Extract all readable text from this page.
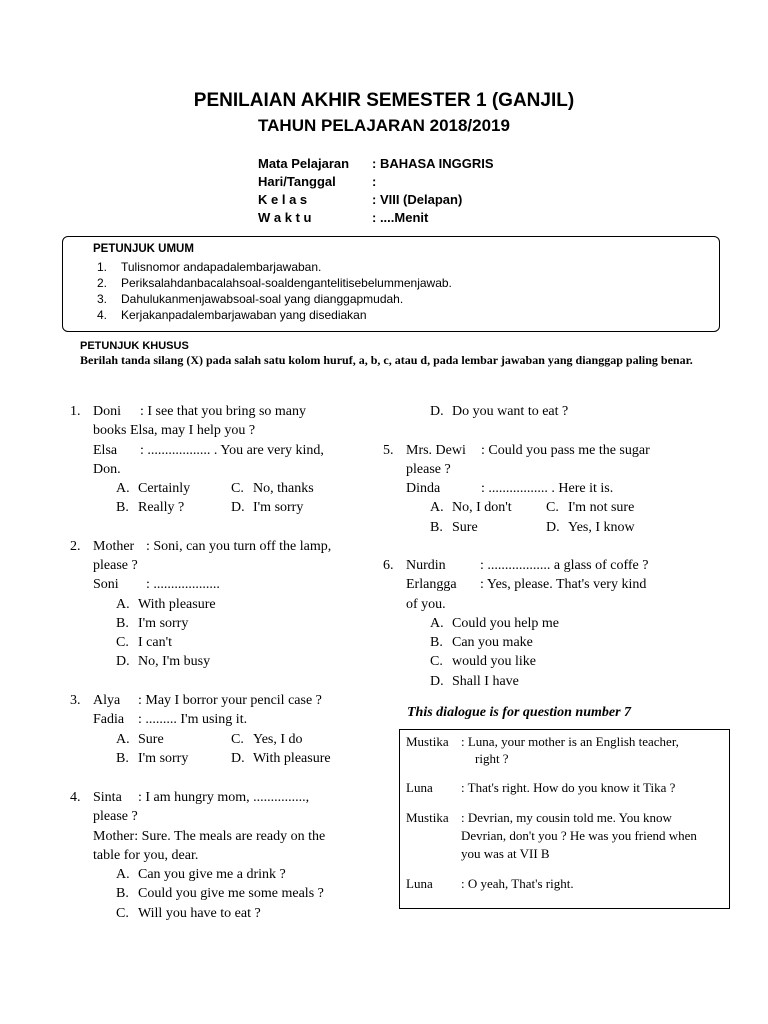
PENILAIAN AKHIR SEMESTER 1 (GANJIL)
TAHUN PELAJARAN 2018/2019
Mata Pelajaran	: BAHASA INGGRIS
Hari/Tanggal	:
K e l a s	: VIII (Delapan)
W a k t u	: ....Menit
PETUNJUK UMUM
1. Tulisnomor andapadalembarjawaban.
2. Periksalahdanbacalahsoal-soaldengantelitisebelummenjawab.
3. Dahulukanmenjawabsoal-soal yang dianggapmudah.
4. Kerjakanpadalembarjawaban yang disediakan
PETUNJUK KHUSUS
Berilah tanda silang (X) pada salah satu kolom huruf, a, b, c, atau d, pada lembar jawaban yang dianggap paling benar.
1. Doni : I see that you bring so many
books Elsa, may I help you ?
Elsa : .................. . You are very kind,
Don.
A. Certainly	C. No, thanks
B. Really ?	D. I'm sorry
2. Mother : Soni, can you turn off the lamp,
please ?
Soni : ...................
A. With pleasure
B. I'm sorry
C. I can't
D. No, I'm busy
3. Alya : May I borror your pencil case ?
Fadia : ......... I'm using it.
A. Sure	C. Yes, I do
B. I'm sorry	D. With pleasure
4. Sinta : I am hungry mom, ...............,
please ?
Mother: Sure. The meals are ready on the
table for you, dear.
A. Can you give me a drink ?
B. Could you give me some meals ?
C. Will you have to eat ?
D. Do you want to eat ?
5. Mrs. Dewi : Could you pass me the sugar
please ?
Dinda	: ................. . Here it is.
A. No, I don't C. I'm not sure
B. Sure	D. Yes, I know
6. Nurdin : .................. a glass of coffe ?
Erlangga : Yes, please. That's very kind
of you.
A. Could you help me
B. Can you make
C. would you like
D. Shall I have
This dialogue is for question number 7
Mustika : Luna, your mother is an English teacher,
right ?
Luna : That's right. How do you know it Tika ?
Mustika : Devrian, my cousin told me. You know
Devrian, don't you ? He was you friend when
you was at VII B
Luna : O yeah, That's right.
